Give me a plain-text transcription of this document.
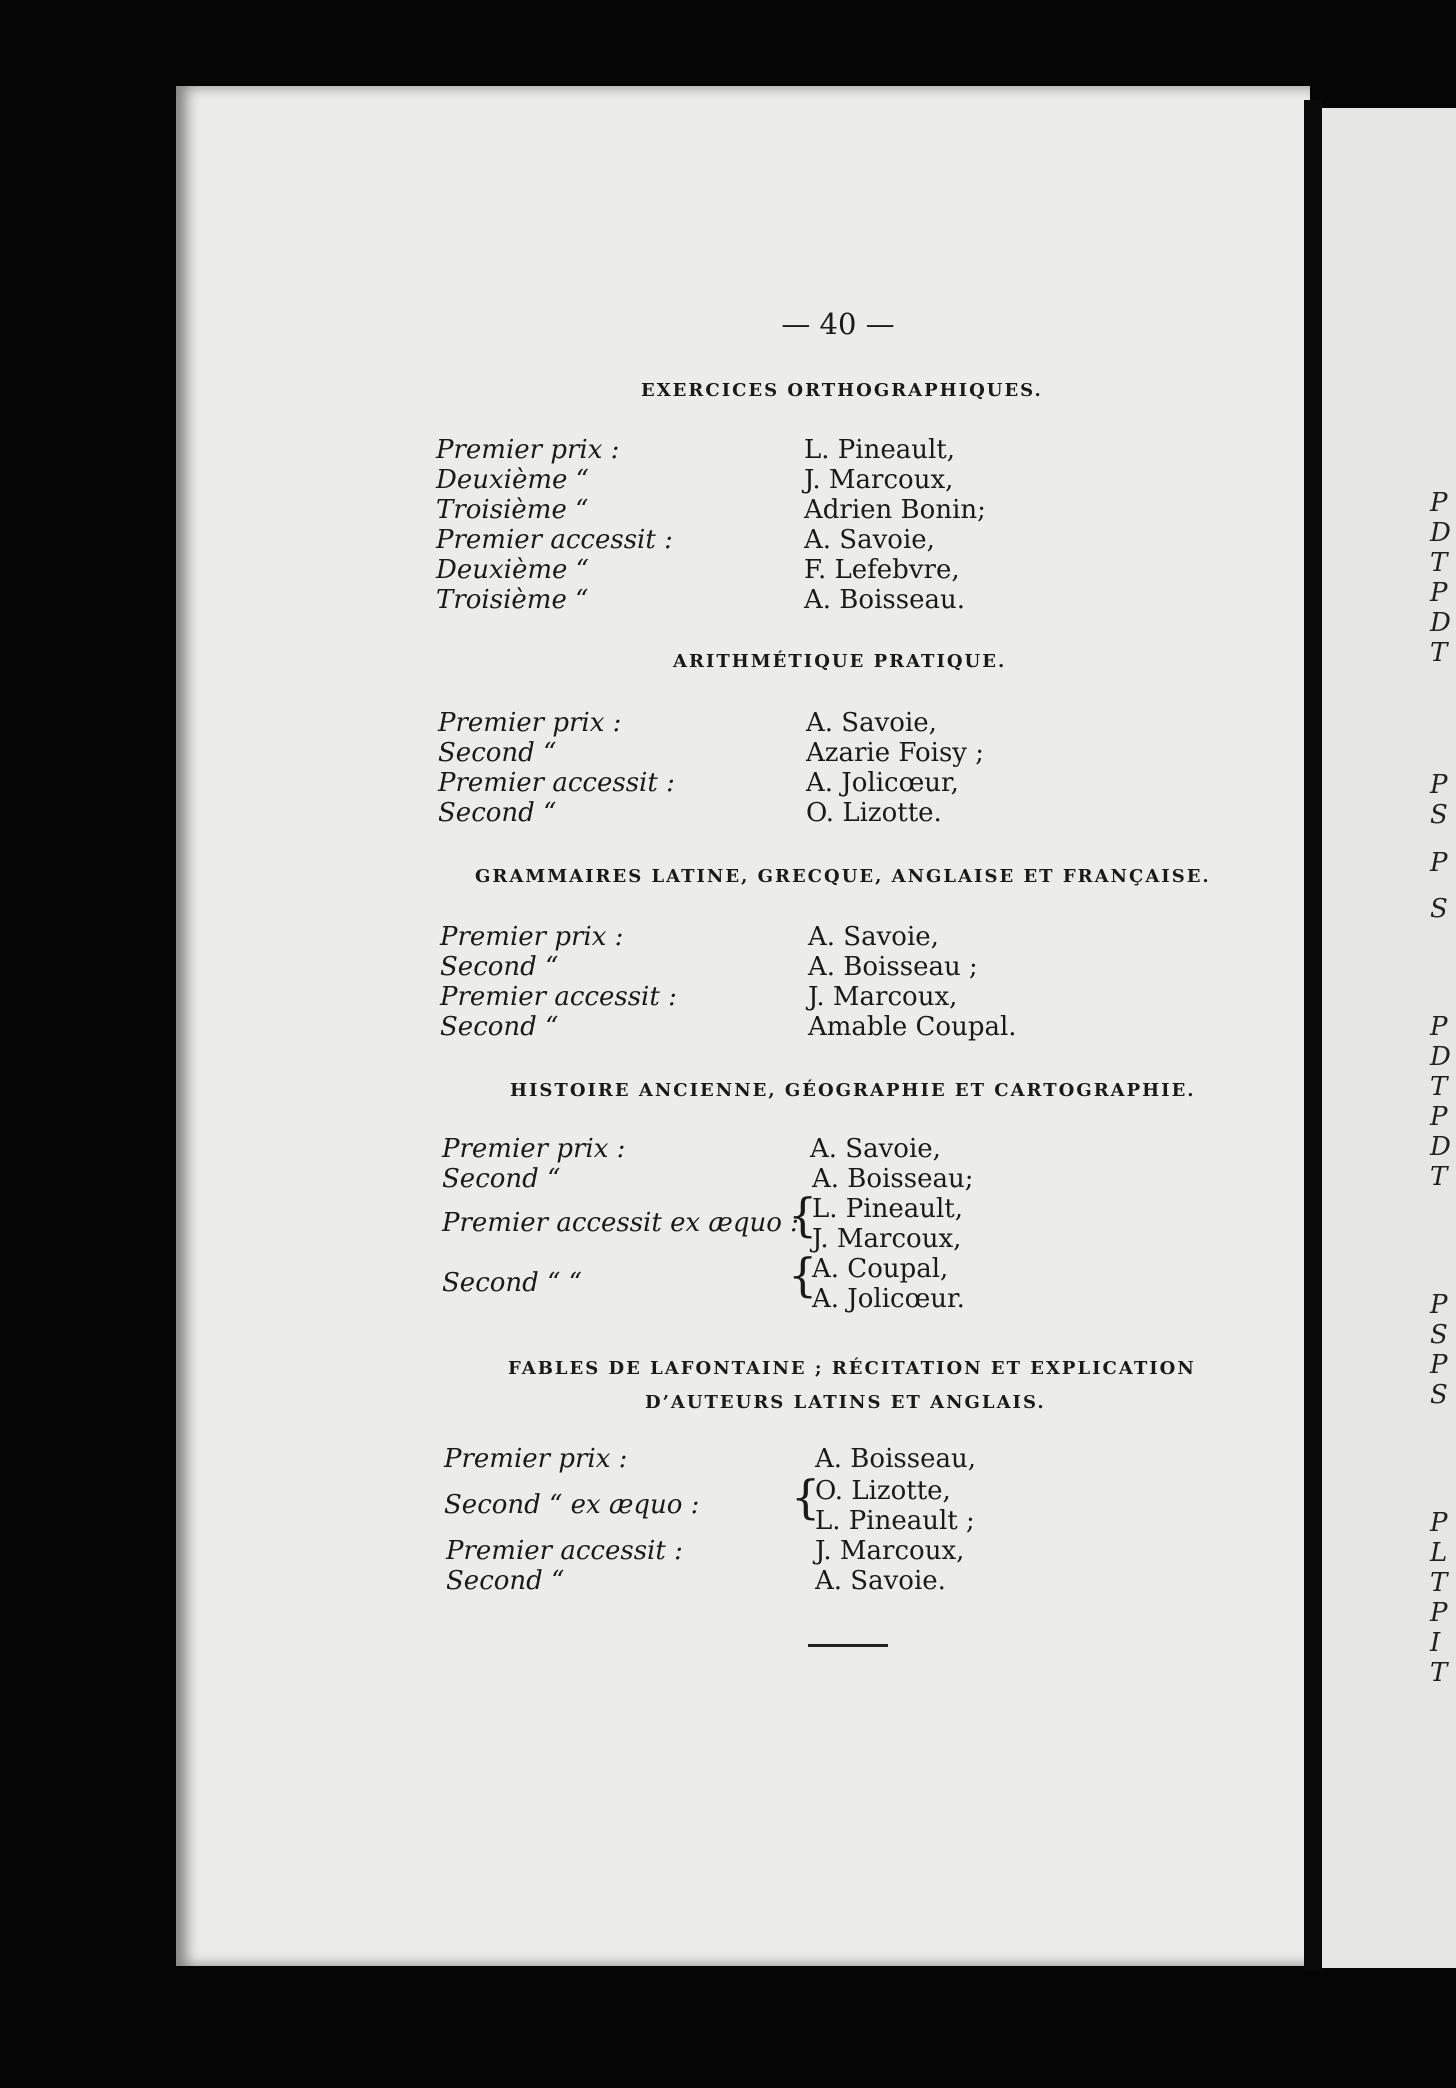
— 40 —
EXERCICES ORTHOGRAPHIQUES.
Premier prix :	L. Pineault,
Deuxième “	J. Marcoux,
Troisième “	Adrien Bonin;
Premier accessit :	A. Savoie,
Deuxième “	F. Lefebvre,
Troisième “	A. Boisseau.
ARITHMÉTIQUE PRATIQUE.
Premier prix :	A. Savoie,
Second “	Azarie Foisy ;
Premier accessit :	A. Jolicœur,
Second “	O. Lizotte.
GRAMMAIRES LATINE, GRECQUE, ANGLAISE ET FRANÇAISE.
Premier prix :	A. Savoie,
Second “	A. Boisseau ;
Premier accessit :	J. Marcoux,
Second “	Amable Coupal.
HISTOIRE ANCIENNE, GÉOGRAPHIE ET CARTOGRAPHIE.
Premier prix :	A. Savoie,
Second “	A. Boisseau;
Premier accessit ex æquo :
{
L. Pineault,
J. Marcoux,
Second “ “	{
A. Coupal,
A. Jolicœur.
FABLES DE LAFONTAINE ; RÉCITATION ET EXPLICATION
D’AUTEURS LATINS ET ANGLAIS.
Premier prix :	A. Boisseau,
Second “ ex æquo : {
O. Lizotte,
L. Pineault ;
Premier accessit :	J. Marcoux,
Second “	A. Savoie.
P
D
T
P
D
T
P
S
P
S
P
D
T
P
D
T
P
S
P
S
P
L
T
P
I
T
